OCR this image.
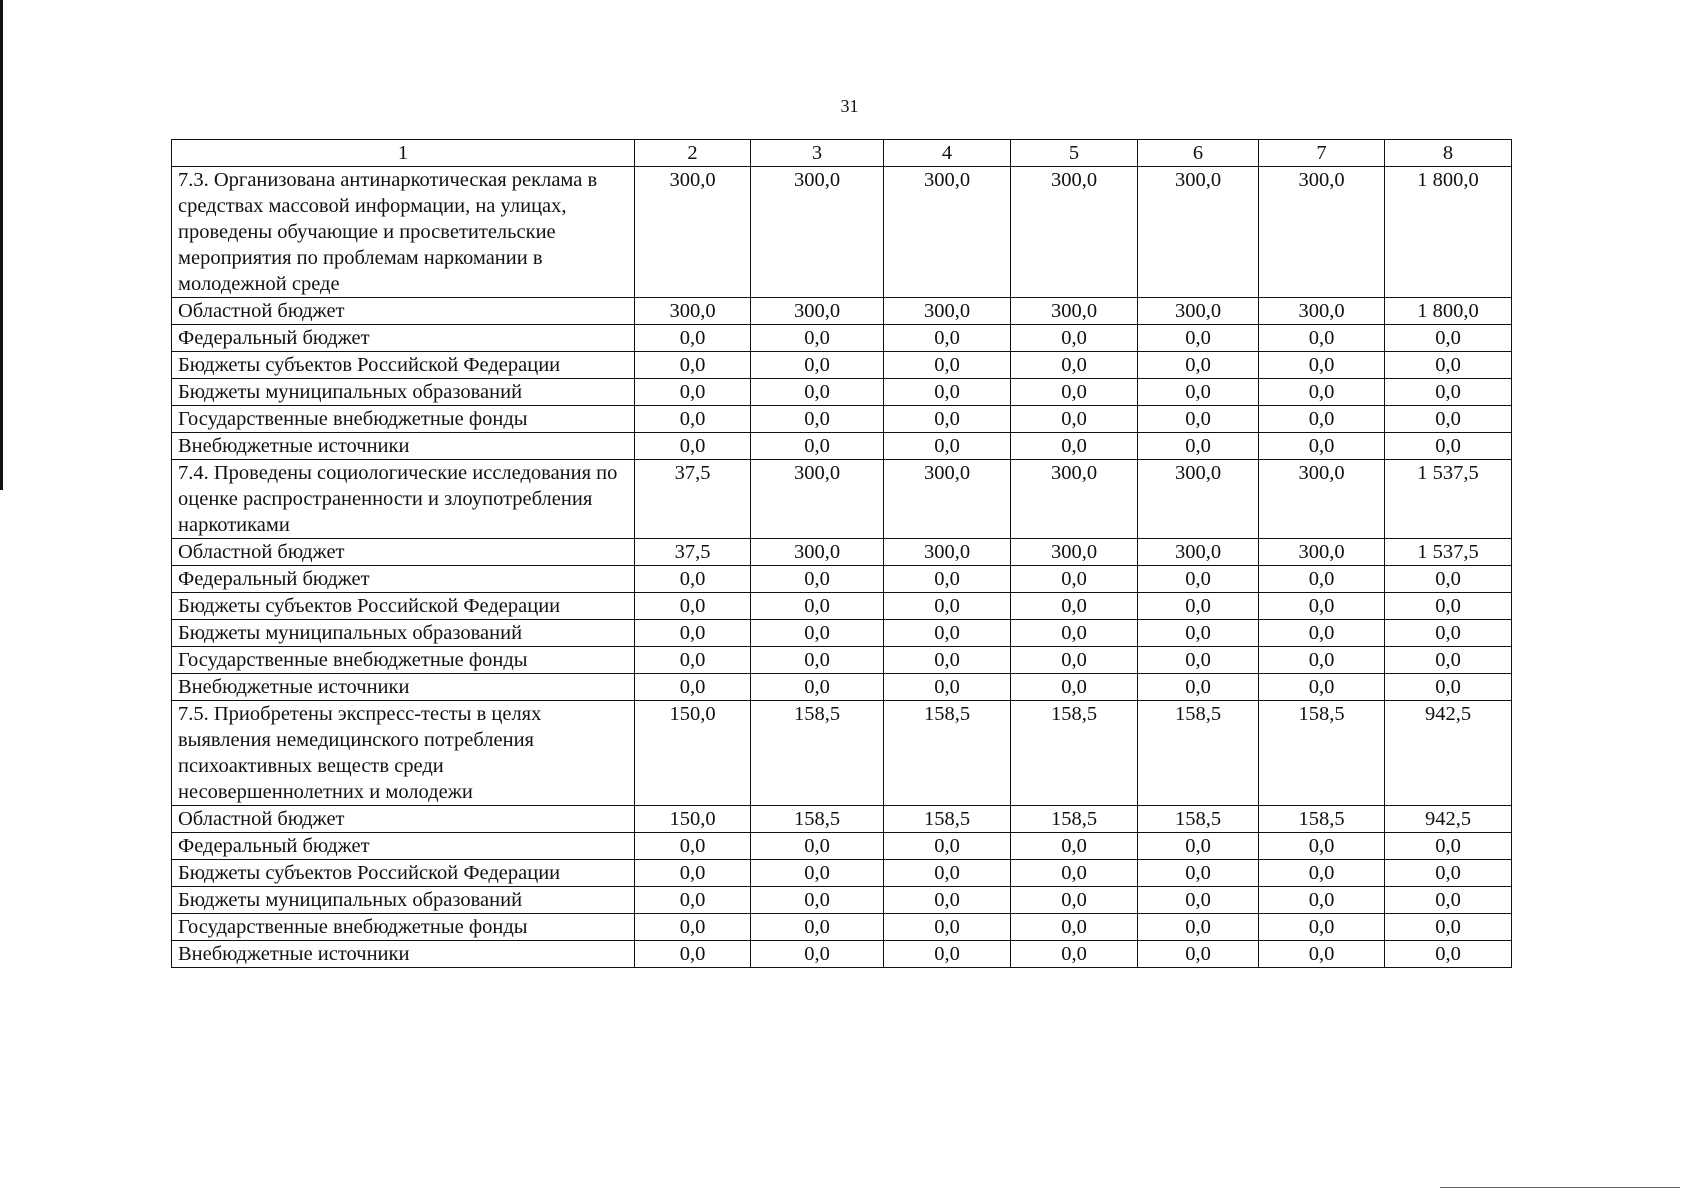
31
1	2	3	4	5	6	7	8
7.3. Организована антинаркотическая реклама в средствах массовой информации, на улицах, проведены обучающие и просветительские мероприятия по проблемам наркомании в молодежной среде	300,0	300,0	300,0	300,0	300,0	300,0	1 800,0
Областной бюджет	300,0	300,0	300,0	300,0	300,0	300,0	1 800,0
Федеральный бюджет	0,0	0,0	0,0	0,0	0,0	0,0	0,0
Бюджеты субъектов Российской Федерации	0,0	0,0	0,0	0,0	0,0	0,0	0,0
Бюджеты муниципальных образований	0,0	0,0	0,0	0,0	0,0	0,0	0,0
Государственные внебюджетные фонды	0,0	0,0	0,0	0,0	0,0	0,0	0,0
Внебюджетные источники	0,0	0,0	0,0	0,0	0,0	0,0	0,0
7.4. Проведены социологические исследования по оценке распространенности и злоупотребления наркотиками	37,5	300,0	300,0	300,0	300,0	300,0	1 537,5
Областной бюджет	37,5	300,0	300,0	300,0	300,0	300,0	1 537,5
Федеральный бюджет	0,0	0,0	0,0	0,0	0,0	0,0	0,0
Бюджеты субъектов Российской Федерации	0,0	0,0	0,0	0,0	0,0	0,0	0,0
Бюджеты муниципальных образований	0,0	0,0	0,0	0,0	0,0	0,0	0,0
Государственные внебюджетные фонды	0,0	0,0	0,0	0,0	0,0	0,0	0,0
Внебюджетные источники	0,0	0,0	0,0	0,0	0,0	0,0	0,0
7.5. Приобретены экспресс-тесты в целях выявления немедицинского потребления психоактивных веществ среди несовершеннолетних и молодежи	150,0	158,5	158,5	158,5	158,5	158,5	942,5
Областной бюджет	150,0	158,5	158,5	158,5	158,5	158,5	942,5
Федеральный бюджет	0,0	0,0	0,0	0,0	0,0	0,0	0,0
Бюджеты субъектов Российской Федерации	0,0	0,0	0,0	0,0	0,0	0,0	0,0
Бюджеты муниципальных образований	0,0	0,0	0,0	0,0	0,0	0,0	0,0
Государственные внебюджетные фонды	0,0	0,0	0,0	0,0	0,0	0,0	0,0
Внебюджетные источники	0,0	0,0	0,0	0,0	0,0	0,0	0,0
